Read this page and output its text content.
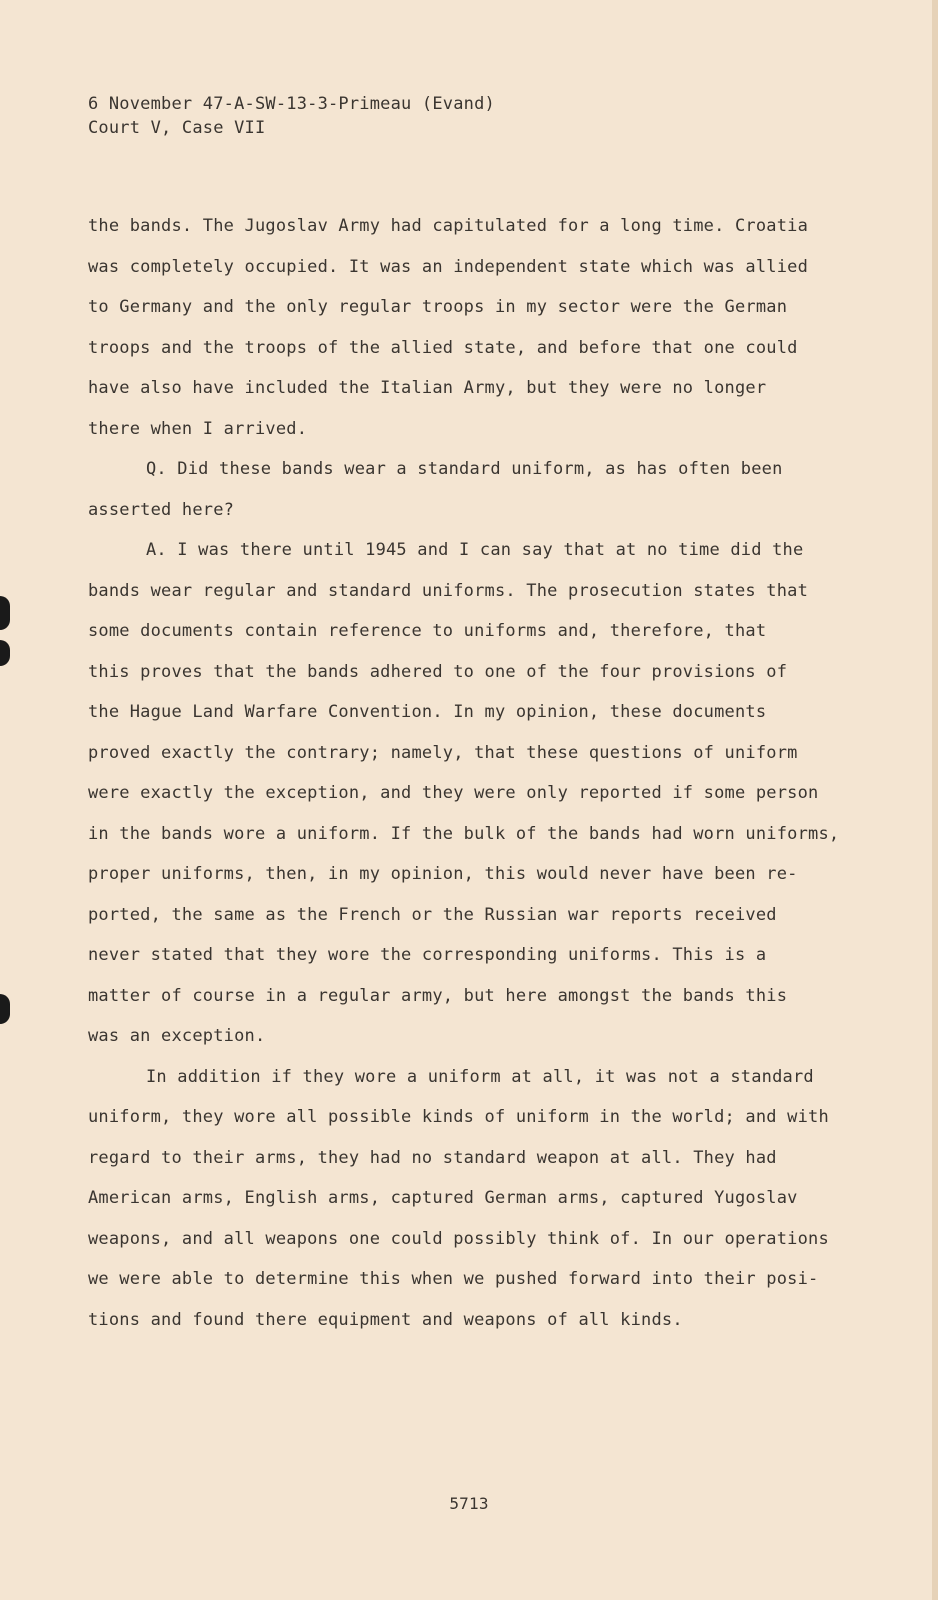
6 November 47-A-SW-13-3-Primeau (Evand)
Court V, Case VII
the bands. The Jugoslav Army had capitulated for a long time. Croatia
was completely occupied. It was an independent state which was allied
to Germany and the only regular troops in my sector were the German
troops and the troops of the allied state, and before that one could
have also have included the Italian Army, but they were no longer
there when I arrived.
Q. Did these bands wear a standard uniform, as has often been
asserted here?
A. I was there until 1945 and I can say that at no time did the
bands wear regular and standard uniforms. The prosecution states that
some documents contain reference to uniforms and, therefore, that
this proves that the bands adhered to one of the four provisions of
the Hague Land Warfare Convention. In my opinion, these documents
proved exactly the contrary; namely, that these questions of uniform
were exactly the exception, and they were only reported if some person
in the bands wore a uniform. If the bulk of the bands had worn uniforms,
proper uniforms, then, in my opinion, this would never have been re-
ported, the same as the French or the Russian war reports received
never stated that they wore the corresponding uniforms. This is a
matter of course in a regular army, but here amongst the bands this
was an exception.
In addition if they wore a uniform at all, it was not a standard
uniform, they wore all possible kinds of uniform in the world; and with
regard to their arms, they had no standard weapon at all. They had
American arms, English arms, captured German arms, captured Yugoslav
weapons, and all weapons one could possibly think of. In our operations
we were able to determine this when we pushed forward into their posi-
tions and found there equipment and weapons of all kinds.
5713
